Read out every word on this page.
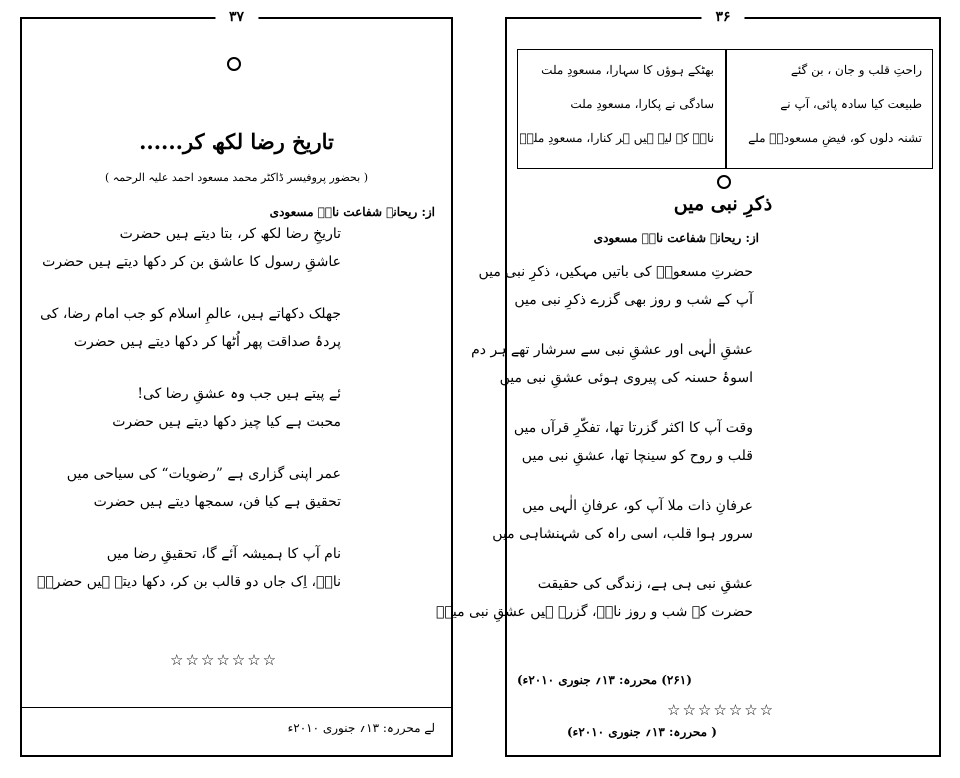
۳۷
تاریخ رضا لکھ کر......
( بحضور پروفیسر ڈاکٹر محمد مسعود احمد علیہ الرحمہ )
از: ریحانہ شفاعت نازؔ مسعودی
تاریخِ رضا لکھ کر، بتا دیتے ہیں حضرت
عاشقِ رسول کا عاشق بن کر دکھا دیتے ہیں حضرت
جھلک دکھاتے ہیں، عالمِ اسلام کو جب امام رضا، کی
پردۂ صداقت پھر اُٹھا کر دکھا دیتے ہیں حضرت
ئے پیتے ہیں جب وہ عشقِ رضا کی!
محبت ہے کیا چیز دکھا دیتے ہیں حضرت
عمر اپنی گزاری ہے ”رضویات“ کی سیاحی میں
تحقیق ہے کیا فن، سمجھا دیتے ہیں حضرت
نام آپ کا ہمیشہ آئے گا، تحقیقِ رضا میں
نازؔ، اِک جاں دو قالب بن کر، دکھا دیتے ہیں حضرتؒ
☆☆☆☆☆☆☆
لے محررہ: ۱۳؍ جنوری ۲۰۱۰ء
۳۶
راحتِ قلب و جان ، بن گئے
طبیعت کیا سادہ پائی، آپ نے
تشنہ دلوں کو، فیضِ مسعودیؔ ملے
بھٹکے ہوؤں کا سہارا، مسعودِ ملت
سادگی نے پکارا، مسعودِ ملت
نازؔ کے لیے ہیں ہر کنارا، مسعودِ ملتؒ
ذکرِ نبی میں
از: ریحانہ شفاعت نازؔ مسعودی
حضرتِ مسعودؔ کی باتیں مہکیں، ذکرِ نبی میں
آپ کے شب و روز بھی گزرے ذکرِ نبی میں
عشقِ الٰہی اور عشقِ نبی سے سرشار تھے ہر دم
اسوۂ حسنہ کی پیروی ہوئی عشقِ نبی میں
وقت آپ کا اکثر گزرتا تھا، تفکّرِ قرآں میں
قلب و روح کو سینچا تھا، عشقِ نبی میں
عرفانِ ذات ملا آپ کو، عرفانِ الٰہی میں
سرور ہوا قلب، اسی راہ کی شہنشاہی میں
عشقِ نبی ہی ہے، زندگی کی حقیقت
حضرت کے شب و روز نازؔ، گزرے ہیں عشقِ نبی میںؒ
(۲۶۱) محررہ: ۱۳؍ جنوری ۲۰۱۰ء)
☆☆☆☆☆☆☆
( محررہ: ۱۳؍ جنوری ۲۰۱۰ء)
